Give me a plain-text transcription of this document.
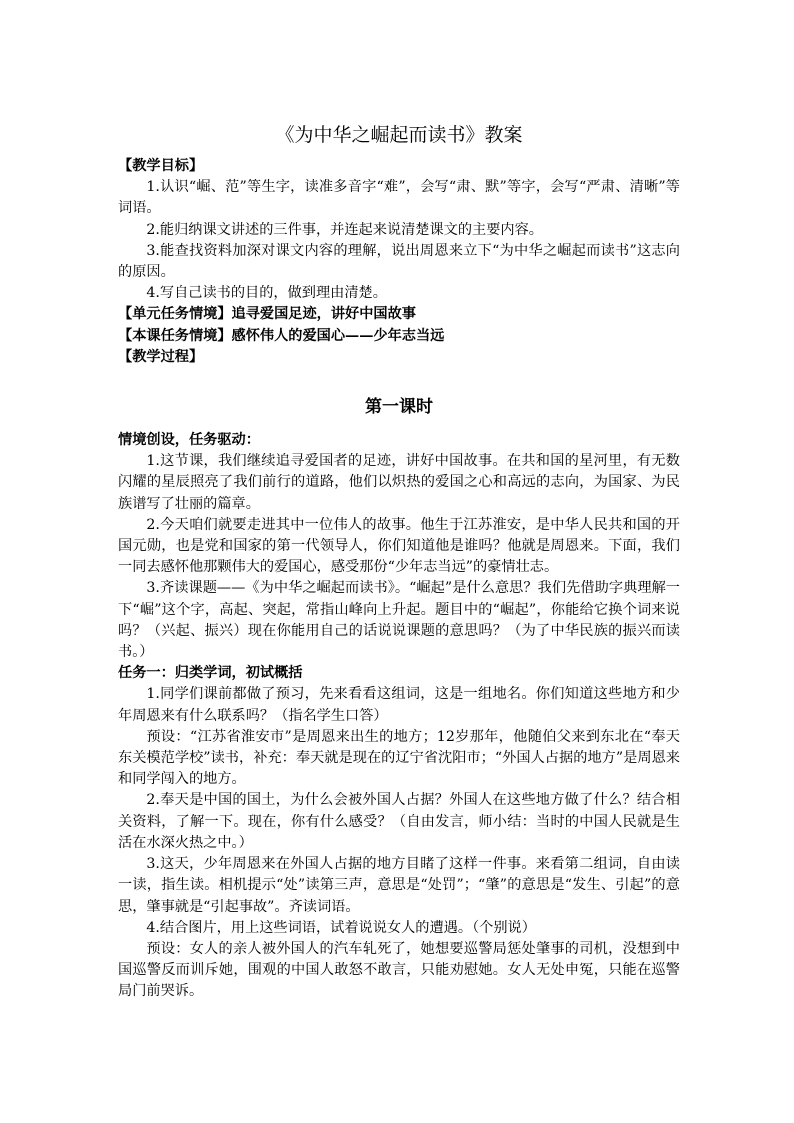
《为中华之崛起而读书》教案

【教学目标】

1.认识“崛、范”等生字，读准多音字“难”，会写“肃、默”等字，会写“严肃、清晰”等词语。

2.能归纳课文讲述的三件事，并连起来说清楚课文的主要内容。

3.能查找资料加深对课文内容的理解，说出周恩来立下“为中华之崛起而读书”这志向的原因。

4.写自己读书的目的，做到理由清楚。

【单元任务情境】追寻爱国足迹，讲好中国故事

【本课任务情境】感怀伟人的爱国心——少年志当远

【教学过程】

第一课时

情境创设，任务驱动：

1.这节课，我们继续追寻爱国者的足迹，讲好中国故事。在共和国的星河里，有无数闪耀的星辰照亮了我们前行的道路，他们以炽热的爱国之心和高远的志向，为国家、为民族谱写了壮丽的篇章。

2.今天咱们就要走进其中一位伟人的故事。他生于江苏淮安，是中华人民共和国的开国元勋，也是党和国家的第一代领导人，你们知道他是谁吗？他就是周恩来。下面，我们一同去感怀他那颗伟大的爱国心，感受那份“少年志当远”的豪情壮志。

3.齐读课题——《为中华之崛起而读书》。“崛起”是什么意思？我们先借助字典理解一下“崛”这个字，高起、突起，常指山峰向上升起。题目中的“崛起”，你能给它换个词来说吗？（兴起、振兴）现在你能用自己的话说说课题的意思吗？（为了中华民族的振兴而读书。）

任务一：归类学词，初试概括

1.同学们课前都做了预习，先来看看这组词，这是一组地名。你们知道这些地方和少年周恩来有什么联系吗？（指名学生口答）

预设：“江苏省淮安市”是周恩来出生的地方；12岁那年，他随伯父来到东北在“奉天东关模范学校”读书，补充：奉天就是现在的辽宁省沈阳市；“外国人占据的地方”是周恩来和同学闯入的地方。

2.奉天是中国的国土，为什么会被外国人占据？外国人在这些地方做了什么？结合相关资料，了解一下。现在，你有什么感受？（自由发言，师小结：当时的中国人民就是生活在水深火热之中。）

3.这天，少年周恩来在外国人占据的地方目睹了这样一件事。来看第二组词，自由读一读，指生读。相机提示“处”读第三声，意思是“处罚”；“肇”的意思是“发生、引起”的意思，肇事就是“引起事故”。齐读词语。

4.结合图片，用上这些词语，试着说说女人的遭遇。（个别说）

预设：女人的亲人被外国人的汽车轧死了，她想要巡警局惩处肇事的司机，没想到中国巡警反而训斥她，围观的中国人敢怒不敢言，只能劝慰她。女人无处申冤，只能在巡警局门前哭诉。
